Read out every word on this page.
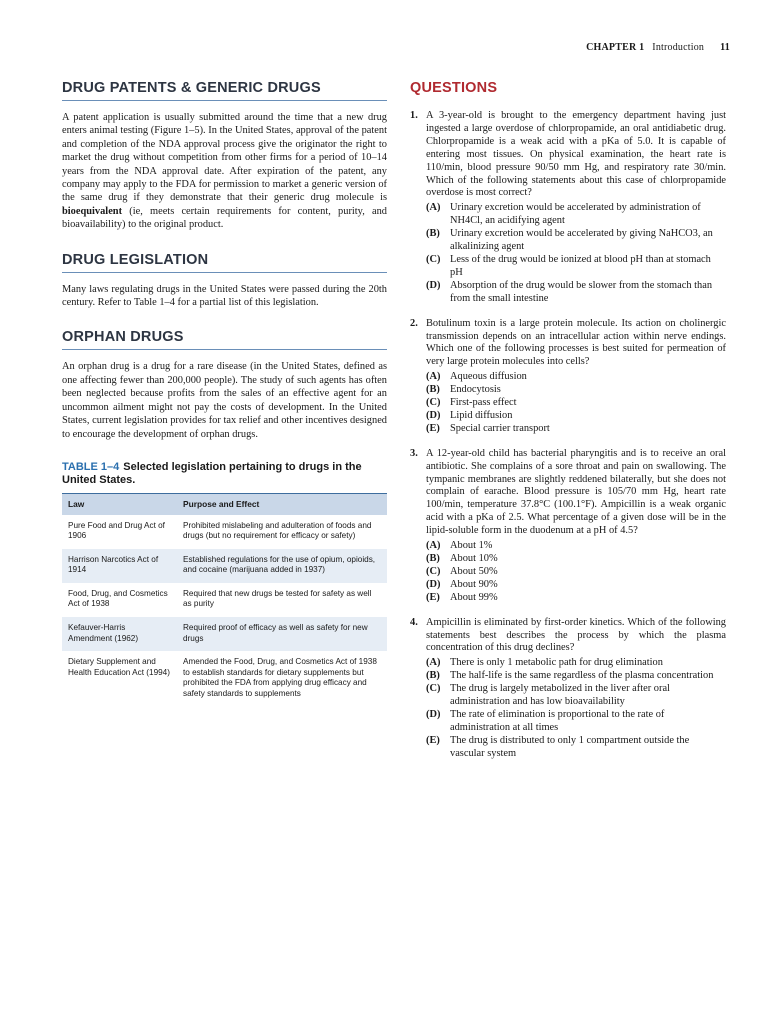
CHAPTER 1 Introduction 11
DRUG PATENTS & GENERIC DRUGS

A patent application is usually submitted around the time that a new drug enters animal testing (Figure 1–5). In the United States, approval of the patent and completion of the NDA approval process give the originator the right to market the drug without competition from other firms for a period of 10–14 years from the NDA approval date. After expiration of the patent, any company may apply to the FDA for permission to market a generic version of the same drug if they demonstrate that their generic drug molecule is bioequivalent (ie, meets certain requirements for content, purity, and bioavailability) to the original product.

DRUG LEGISLATION

Many laws regulating drugs in the United States were passed during the 20th century. Refer to Table 1–4 for a partial list of this legislation.

ORPHAN DRUGS

An orphan drug is a drug for a rare disease (in the United States, defined as one affecting fewer than 200,000 people). The study of such agents has often been neglected because profits from the sales of an effective agent for an uncommon ailment might not pay the costs of development. In the United States, current legislation provides for tax relief and other incentives designed to encourage the development of orphan drugs.

TABLE 1–4 Selected legislation pertaining to drugs in the United States.
Law	Purpose and Effect
Pure Food and Drug Act of 1906	Prohibited mislabeling and adulteration of foods and drugs (but no requirement for efficacy or safety)
Harrison Narcotics Act of 1914	Established regulations for the use of opium, opioids, and cocaine (marijuana added in 1937)
Food, Drug, and Cosmetics Act of 1938	Required that new drugs be tested for safety as well as purity
Kefauver-Harris Amendment (1962)	Required proof of efficacy as well as safety for new drugs
Dietary Supplement and Health Education Act (1994)	Amended the Food, Drug, and Cosmetics Act of 1938 to establish standards for dietary supplements but prohibited the FDA from applying drug efficacy and safety standards to supplements
QUESTIONS
1. A 3-year-old is brought to the emergency department having just ingested a large overdose of chlorpropamide, an oral antidiabetic drug. Chlorpropamide is a weak acid with a pKa of 5.0. It is capable of entering most tissues. On physical examination, the heart rate is 110/min, blood pressure 90/50 mm Hg, and respiratory rate 30/min. Which of the following statements about this case of chlorpropamide overdose is most correct?
(A) Urinary excretion would be accelerated by administration of NH4Cl, an acidifying agent
(B) Urinary excretion would be accelerated by giving NaHCO3, an alkalinizing agent
(C) Less of the drug would be ionized at blood pH than at stomach pH
(D) Absorption of the drug would be slower from the stomach than from the small intestine
2. Botulinum toxin is a large protein molecule. Its action on cholinergic transmission depends on an intracellular action within nerve endings. Which one of the following processes is best suited for permeation of very large protein molecules into cells?
(A) Aqueous diffusion
(B) Endocytosis
(C) First-pass effect
(D) Lipid diffusion
(E) Special carrier transport
3. A 12-year-old child has bacterial pharyngitis and is to receive an oral antibiotic. She complains of a sore throat and pain on swallowing. The tympanic membranes are slightly reddened bilaterally, but she does not complain of earache. Blood pressure is 105/70 mm Hg, heart rate 100/min, temperature 37.8°C (100.1°F). Ampicillin is a weak organic acid with a pKa of 2.5. What percentage of a given dose will be in the lipid-soluble form in the duodenum at a pH of 4.5?
(A) About 1%
(B) About 10%
(C) About 50%
(D) About 90%
(E) About 99%
4. Ampicillin is eliminated by first-order kinetics. Which of the following statements best describes the process by which the plasma concentration of this drug declines?
(A) There is only 1 metabolic path for drug elimination
(B) The half-life is the same regardless of the plasma concentration
(C) The drug is largely metabolized in the liver after oral administration and has low bioavailability
(D) The rate of elimination is proportional to the rate of administration at all times
(E) The drug is distributed to only 1 compartment outside the vascular system
